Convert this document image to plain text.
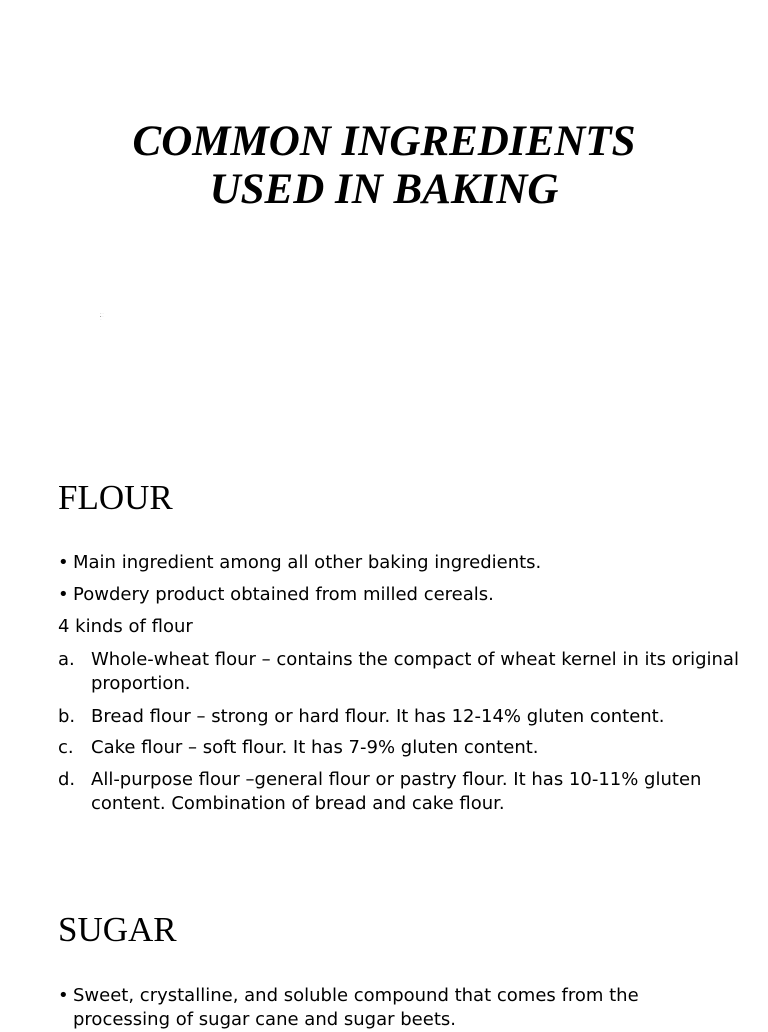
COMMON INGREDIENTS
USED IN BAKING
1. ...
■ ...
...
FLOUR
• Main ingredient among all other baking ingredients.
• Powdery product obtained from milled cereals.
4 kinds of flour
a. Whole-wheat flour – contains the compact of wheat kernel in its original proportion.
b. Bread flour – strong or hard flour. It has 12-14% gluten content.
c. Cake flour – soft flour. It has 7-9% gluten content.
d. All-purpose flour –general flour or pastry flour. It has 10-11% gluten content. Combination of bread and cake flour.
SUGAR
• Sweet, crystalline, and soluble compound that comes from the processing of sugar cane and sugar beets.
